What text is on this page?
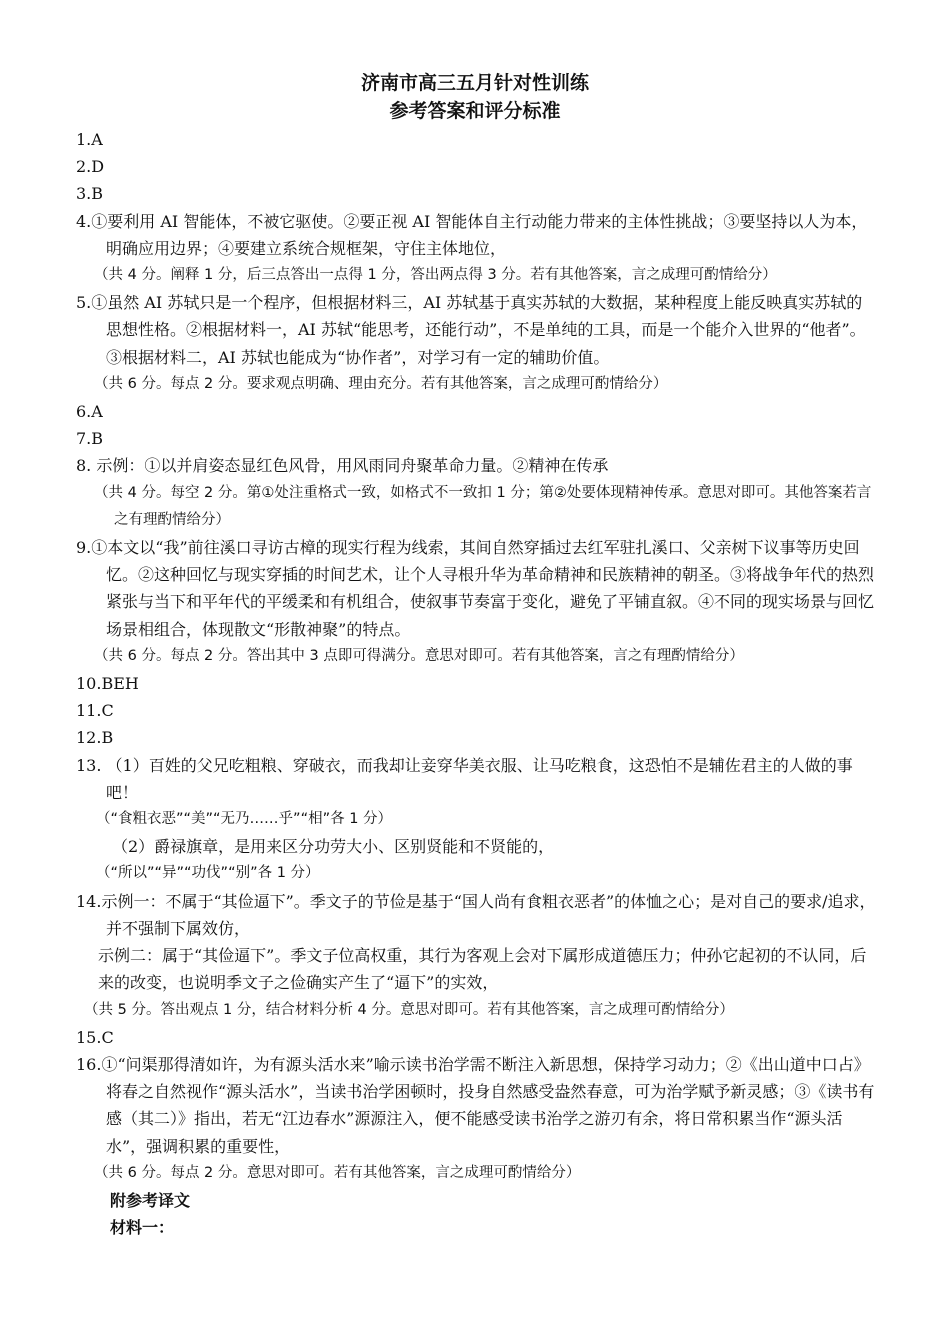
济南市高三五月针对性训练
参考答案和评分标准

1.A

2.D

3.B

4.①要利用 AI 智能体，不被它驱使。②要正视 AI 智能体自主行动能力带来的主体性挑战；③要坚持以人为本，明确应用边界；④要建立系统合规框架，守住主体地位，

（共 4 分。阐释 1 分，后三点答出一点得 1 分，答出两点得 3 分。若有其他答案，言之成理可酌情给分）

5.①虽然 AI 苏轼只是一个程序，但根据材料三，AI 苏轼基于真实苏轼的大数据，某种程度上能反映真实苏轼的思想性格。②根据材料一，AI 苏轼“能思考，还能行动”，不是单纯的工具，而是一个能介入世界的“他者”。③根据材料二，AI 苏轼也能成为“协作者”，对学习有一定的辅助价值。

（共 6 分。每点 2 分。要求观点明确、理由充分。若有其他答案，言之成理可酌情给分）

6.A

7.B

8. 示例：①以并肩姿态显红色风骨，用风雨同舟聚革命力量。②精神在传承

（共 4 分。每空 2 分。第①处注重格式一致，如格式不一致扣 1 分；第②处要体现精神传承。意思对即可。其他答案若言之有理酌情给分）

9.①本文以“我”前往溪口寻访古樟的现实行程为线索，其间自然穿插过去红军驻扎溪口、父亲树下议事等历史回忆。②这种回忆与现实穿插的时间艺术，让个人寻根升华为革命精神和民族精神的朝圣。③将战争年代的热烈紧张与当下和平年代的平缓柔和有机组合，使叙事节奏富于变化，避免了平铺直叙。④不同的现实场景与回忆场景相组合，体现散文“形散神聚”的特点。

（共 6 分。每点 2 分。答出其中 3 点即可得满分。意思对即可。若有其他答案，言之有理酌情给分）

10.BEH

11.C

12.B

13. （1）百姓的父兄吃粗粮、穿破衣，而我却让妾穿华美衣服、让马吃粮食，这恐怕不是辅佐君主的人做的事吧！

（“食粗衣恶”“美”“无乃……乎”“相”各 1 分）

（2）爵禄旗章，是用来区分功劳大小、区别贤能和不贤能的，

（“所以”“异”“功伐”“别”各 1 分）

14.示例一：不属于“其俭逼下”。季文子的节俭是基于“国人尚有食粗衣恶者”的体恤之心；是对自己的要求/追求，并不强制下属效仿，

示例二：属于“其俭逼下”。季文子位高权重，其行为客观上会对下属形成道德压力；仲孙它起初的不认同，后来的改变，也说明季文子之俭确实产生了“逼下”的实效，

（共 5 分。答出观点 1 分，结合材料分析 4 分。意思对即可。若有其他答案，言之成理可酌情给分）

15.C

16.①“问渠那得清如许，为有源头活水来”喻示读书治学需不断注入新思想，保持学习动力；②《出山道中口占》将春之自然视作“源头活水”，当读书治学困顿时，投身自然感受盎然春意，可为治学赋予新灵感；③《读书有感（其二）》指出，若无“江边春水”源源注入，便不能感受读书治学之游刃有余，将日常积累当作“源头活水”，强调积累的重要性，

（共 6 分。每点 2 分。意思对即可。若有其他答案，言之成理可酌情给分）

附参考译文

材料一：
